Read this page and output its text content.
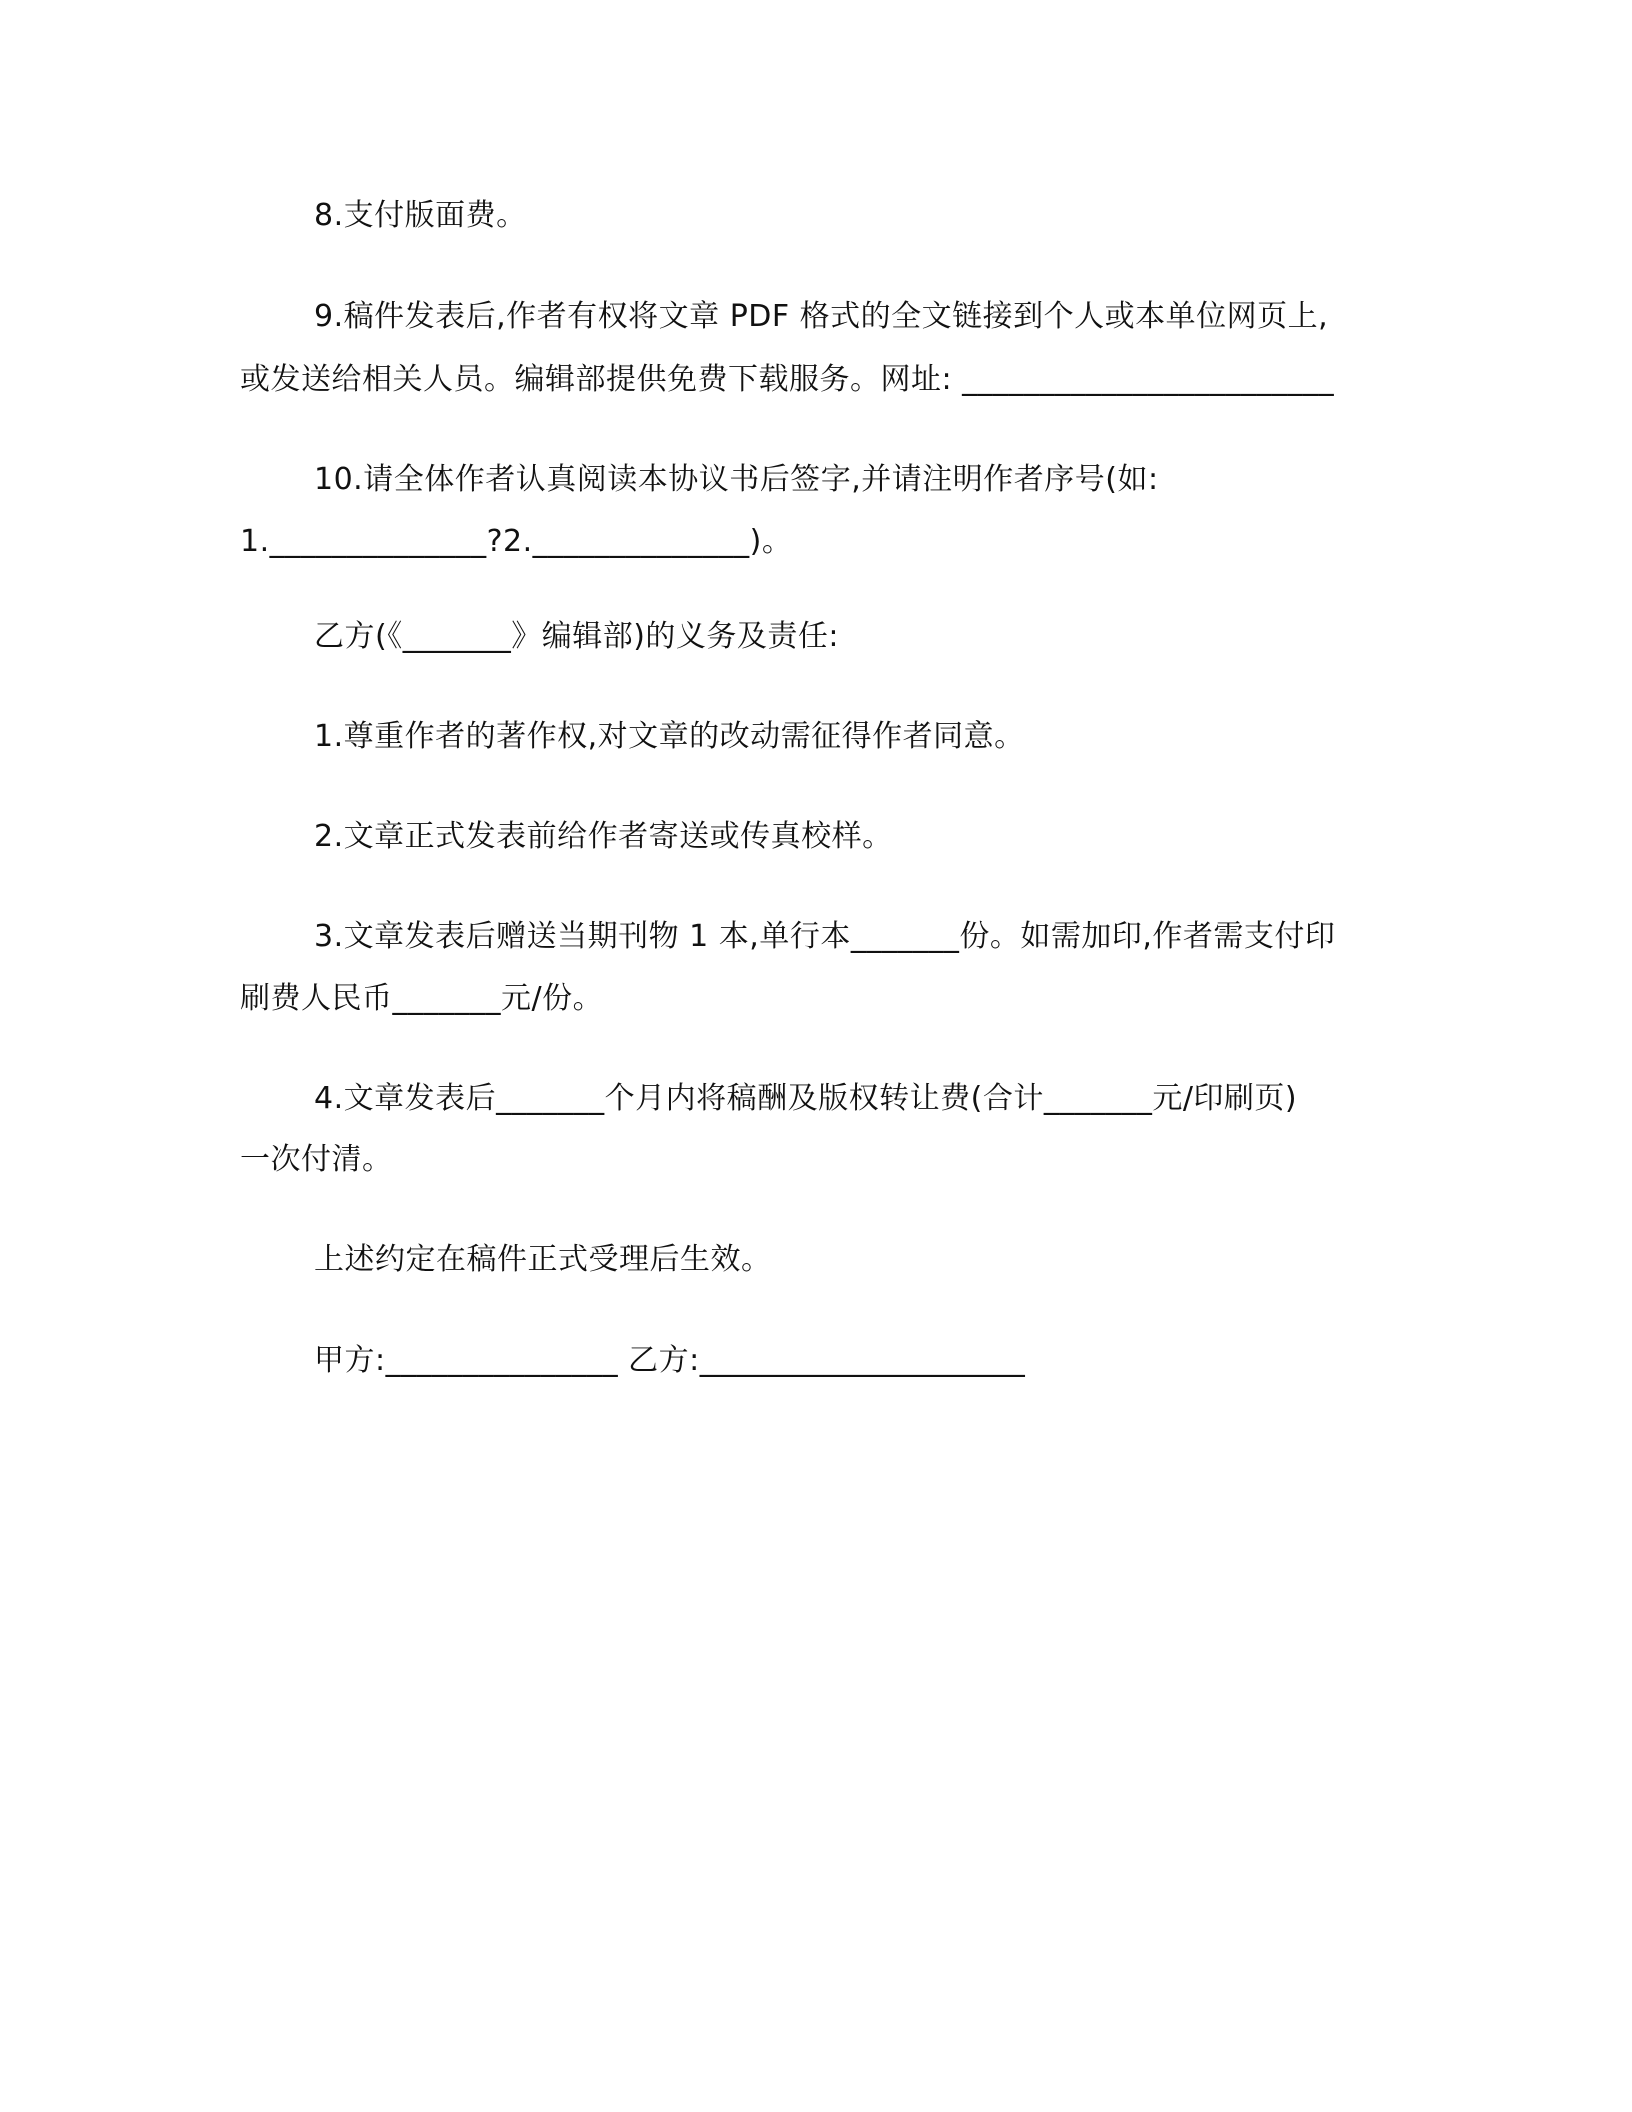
8.支付版面费。
9.稿件发表后,作者有权将文章 PDF 格式的全文链接到个人或本单位网页上,
或发送给相关人员。编辑部提供免费下载服务。网址: ________________________
10.请全体作者认真阅读本协议书后签字,并请注明作者序号(如:
1.______________?2.______________)。
乙方(《_______》编辑部)的义务及责任:
1.尊重作者的著作权,对文章的改动需征得作者同意。
2.文章正式发表前给作者寄送或传真校样。
3.文章发表后赠送当期刊物 1 本,单行本_______份。如需加印,作者需支付印
刷费人民币_______元/份。
4.文章发表后_______个月内将稿酬及版权转让费(合计_______元/印刷页)
一次付清。
上述约定在稿件正式受理后生效。
甲方:_______________ 乙方:_____________________
